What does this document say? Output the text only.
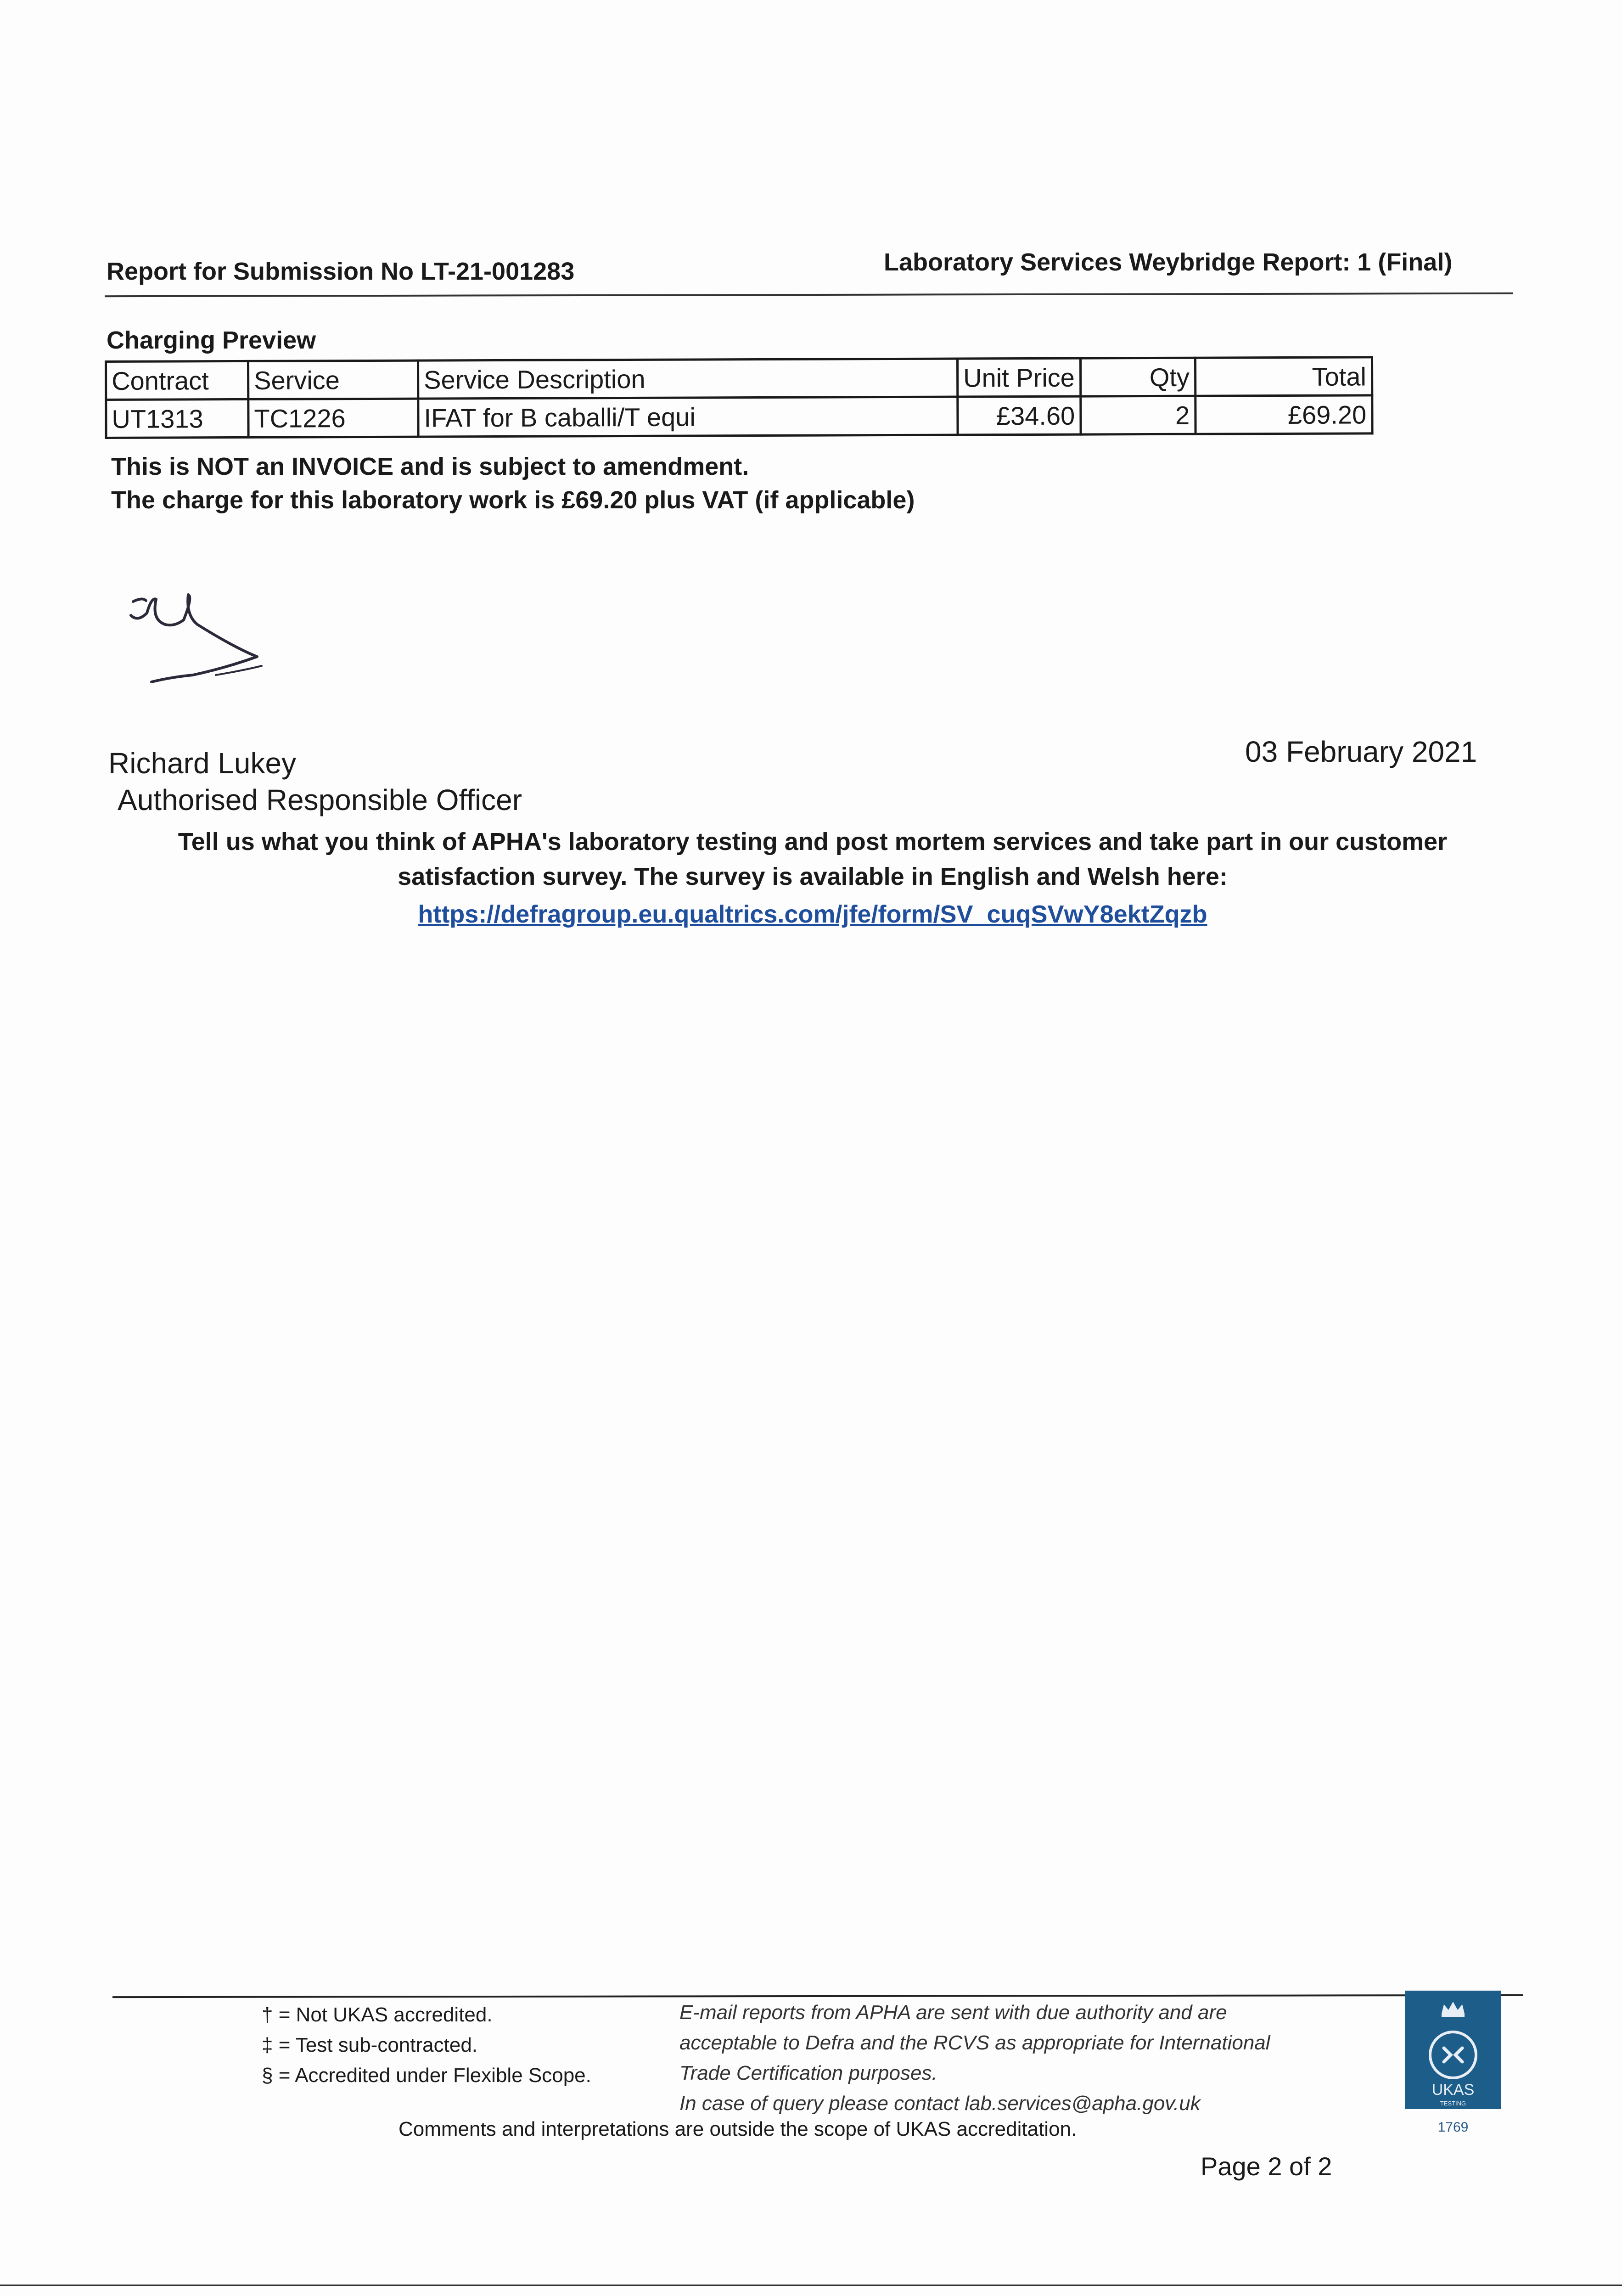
Report for Submission No LT-21-001283	Laboratory Services Weybridge Report: 1 (Final)
Charging Preview
Contract	Service	Service Description	Unit Price	Qty	Total
UT1313	TC1226	IFAT for B caballi/T equi	£34.60	2	£69.20
This is NOT an INVOICE and is subject to amendment.
The charge for this laboratory work is £69.20 plus VAT (if applicable)
Richard Lukey
Authorised Responsible Officer
03 February 2021
Tell us what you think of APHA's laboratory testing and post mortem services and take part in our customer satisfaction survey. The survey is available in English and Welsh here:
https://defragroup.eu.qualtrics.com/jfe/form/SV_cuqSVwY8ektZqzb
† = Not UKAS accredited.
‡ = Test sub-contracted.
§ = Accredited under Flexible Scope.
E-mail reports from APHA are sent with due authority and are
acceptable to Defra and the RCVS as appropriate for International
Trade Certification purposes.
In case of query please contact lab.services@apha.gov.uk
Comments and interpretations are outside the scope of UKAS accreditation.
Page 2 of 2
UKAS
TESTING
1769
